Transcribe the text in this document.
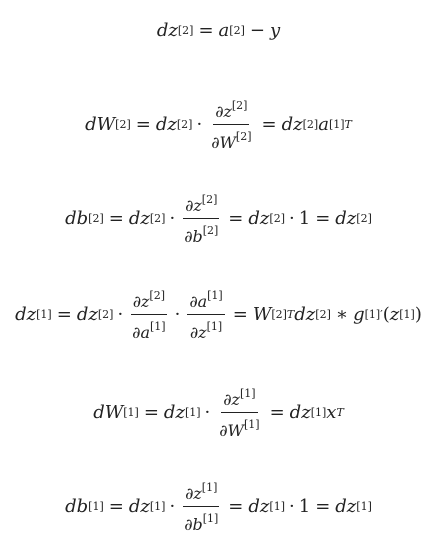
dz [2] = a [2] − y
dW [2] = dz $[2] \cdot \frac{\partial z^{[2]}}{\partial W^{[2]}}$ = dz [2] a [1] T
db [2] = dz $[2] \cdot \frac{\partial z^{[2]}}{\partial b^{[2]}}$ = dz [2] · 1 = dz [2]
dz [1] = dz $[2] \cdot \frac{\partial z^{[2]}}{\partial a^{[1]}} \cdot \frac{\partial a^{[1]}}{\partial z^{[1]}} = W$ [2] T dz [2] ∗ g [1]′ ( z [1] )
dW [1] = dz $[1] \cdot \frac{\partial z^{[1]}}{\partial W^{[1]}}$ = dz [1] x T
db [1] = dz $[1] \cdot \frac{\partial z^{[1]}}{\partial b^{[1]}}$ = dz [1] · 1 = dz [1]
